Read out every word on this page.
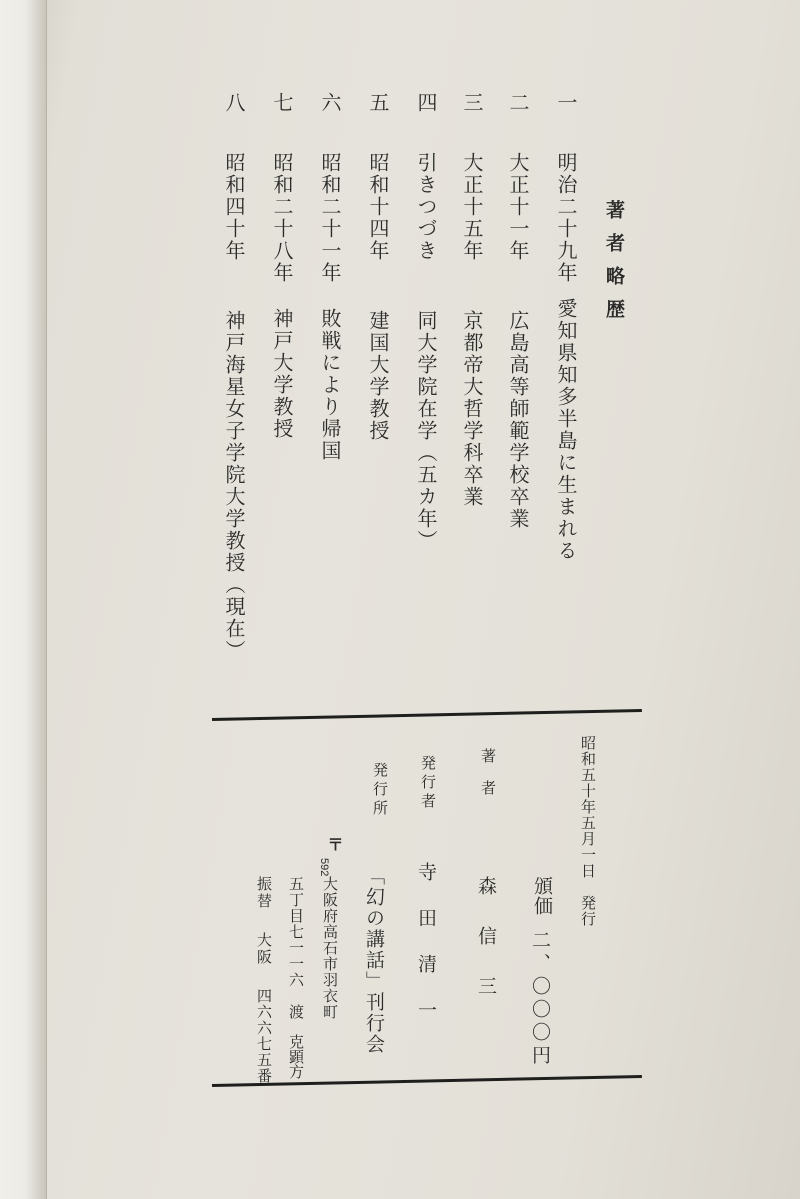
著者略歴
一明治二十九年愛知県知多半島に生まれる
二大正十一年広島高等師範学校卒業
三大正十五年京都帝大哲学科卒業
四引きつづき同大学院在学（五カ年）
五昭和十四年建国大学教授
六昭和二十一年敗戦により帰国
七昭和二十八年神戸大学教授
八昭和四十年神戸海星女子学院大学教授（現在）
昭和五十年五月一日　発行
頒価
二、〇〇〇円
著　者
森　信　三
発行者
寺　田　清　一
発行所
「幻の講話」刊行会
〒
592
大阪府高石市羽衣町
五丁目七一一六　渡
克顕方
振替
大阪
四六六七五番
